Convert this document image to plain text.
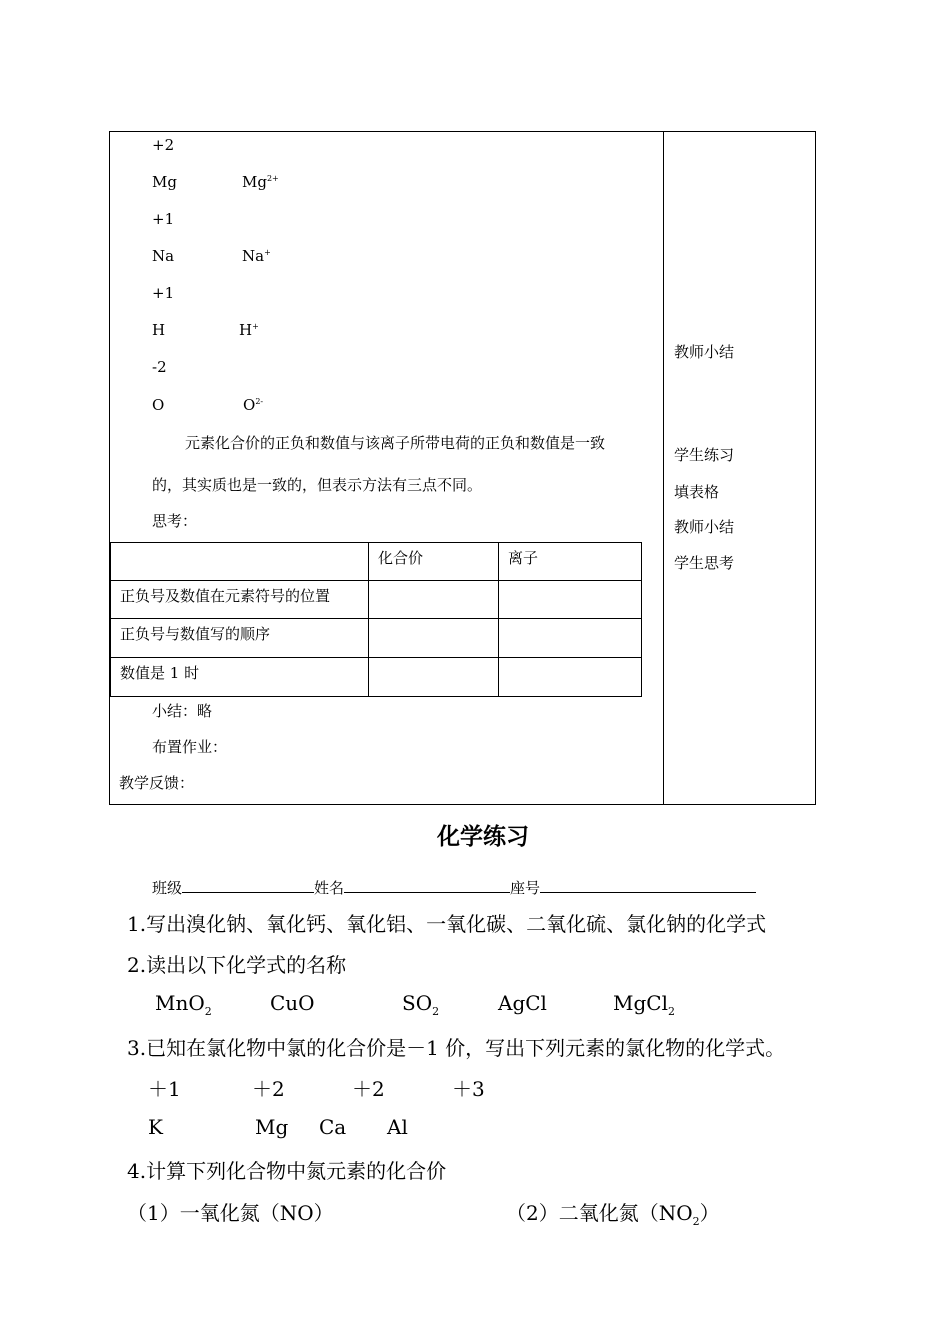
+2
Mg	$Mg^{2+}$
+1
Na	Na+
+1
H	H+
-2
O	$O^{2-}$
元素化合价的正负和数值与该离子所带电荷的正负和数值是一致
的，其实质也是一致的，但表示方法有三点不同。
思考：
	化合价	离子
正负号及数值在元素符号的位置		
正负号与数值写的顺序		
数值是 1 时		
小结：略
布置作业：
教学反馈：
教师小结
学生练习
填表格
教师小结
学生思考
化学练习
班级	姓名	座号
1.写出溴化钠、氧化钙、氧化铝、一氧化碳、二氧化硫、氯化钠的化学式
2.读出以下化学式的名称
MnO$_2$	CuO	$SO_2$	AgCl	MgCl$_2$
3.已知在氯化物中氯的化合价是－1 价，写出下列元素的氯化物的化学式。
＋1	＋2	＋2	＋3
K	Mg Ca Al
4.计算下列化合物中氮元素的化合价
（1）一氧化氮（NO）	（2）二氧化氮$(NO_2)$
